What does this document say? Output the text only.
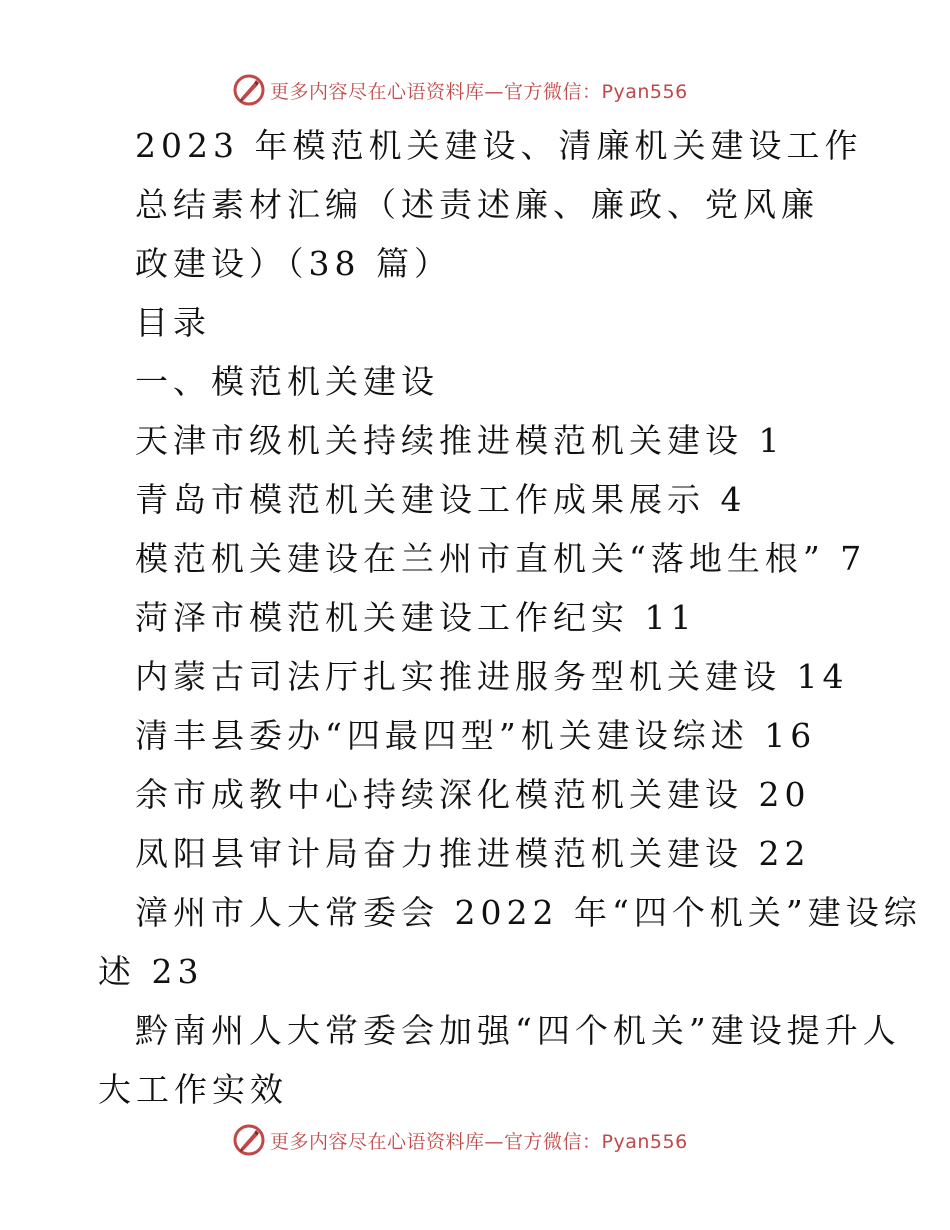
更多内容尽在心语资料库—官方微信：Pyan556
2023 年模范机关建设、清廉机关建设工作
总结素材汇编（述责述廉、廉政、党风廉
政建设）（38 篇）
目录
一、模范机关建设
天津市级机关持续推进模范机关建设 1
青岛市模范机关建设工作成果展示 4
模范机关建设在兰州市直机关“落地生根” 7
菏泽市模范机关建设工作纪实 11
内蒙古司法厅扎实推进服务型机关建设 14
清丰县委办“四最四型”机关建设综述 16
余市成教中心持续深化模范机关建设 20
凤阳县审计局奋力推进模范机关建设 22
漳州市人大常委会 2022 年“四个机关”建设综
述 23
黔南州人大常委会加强“四个机关”建设提升人
大工作实效
更多内容尽在心语资料库—官方微信：Pyan556
